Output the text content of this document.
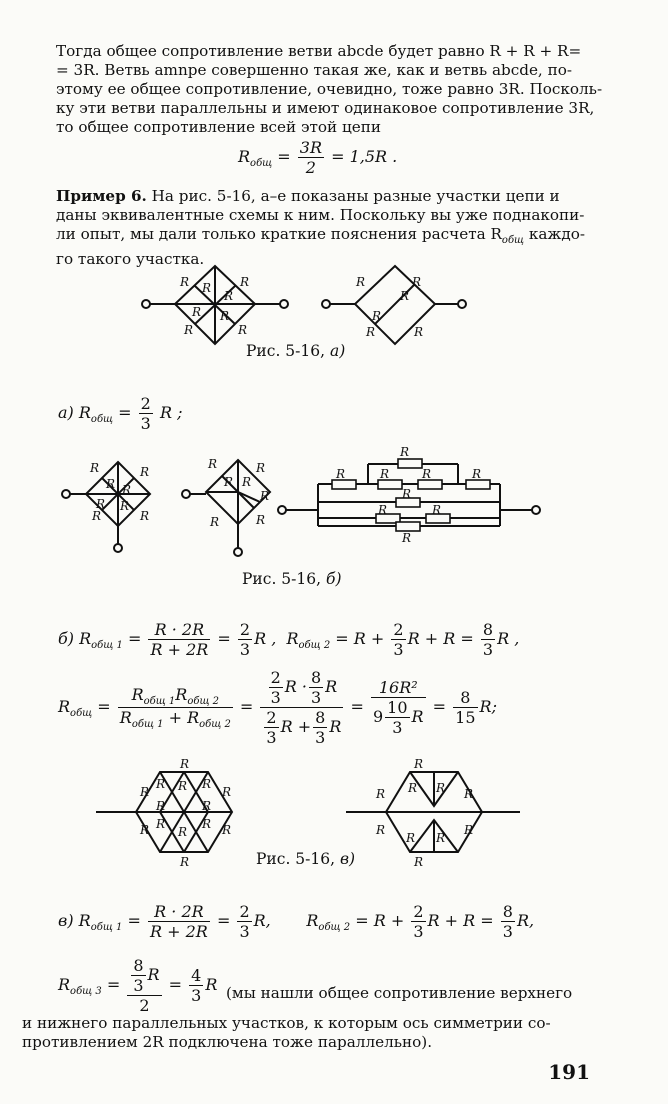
Тогда общее сопротивление ветви abcde будет равно R + R + R=
= 3R. Ветвь amnpe совершенно такая же, как и ветвь abcde, по-
этому ее общее сопротивление, очевидно, тоже равно 3R. Посколь-
ку эти ветви параллельны и имеют одинаковое сопротивление 3R,
то общее сопротивление всей этой цепи
$R_{общ} = \frac{3R}{2} = 1,5R$ .
Пример 6. На рис. 5-16, а–е показаны разные участки цепи и
даны эквивалентные схемы к ним. Поскольку вы уже поднакопи-
ли опыт, мы дали только краткие пояснения расчета $R_{общ}$ каждо-
го такого участка.
R R
R
R
R
R
R
R
R	R
R
R
R	R
Рис. 5-16, а)
а) $R_{общ} = \frac{2}{3}$ R ;
R	R
R R
R
R
R
R
R	R
R R
R
R	R
R
R	R	R	R
R
R	R
R
Рис. 5-16, б)
б) $R_{общ 1} = \frac{R \cdot 2R}{R + 2R} = \frac{2}{3}$ R , $R_{общ 2} = R + \frac{2}{3}$ $R + R = \frac{8}{3}$ R ,
$R_{общ} = \frac{R_{общ 1}R_{общ 2}}{R_{общ 1} + R_{общ 2}} = \frac{\frac{2}{3} R \cdot \frac{8}{3} R}{\frac{2}{3} R + \frac{8}{3} R} = \frac{\text{16R²}}{9 \frac{10}{3} R} = \frac{8}{15} R$;
R
R
R R R
R
R	R
R R
R
R R
R
R
R R R R
R
R R
R
R
Рис. 5-16, в)
в) $R_{общ 1} = \frac{R \cdot 2R}{R + 2R} = \frac{2}{3} R$, $R_{общ 2} = R + \frac{2}{3}$ $R + R = \frac{8}{3} R$,
$R_{общ 3} = \frac{\frac{8}{3} R}{2} = \frac{4}{3}$ R (мы нашли общее сопротивление верхнего
и нижнего параллельных участков, к которым ось симметрии со-
противлением 2R подключена тоже параллельно).
191
